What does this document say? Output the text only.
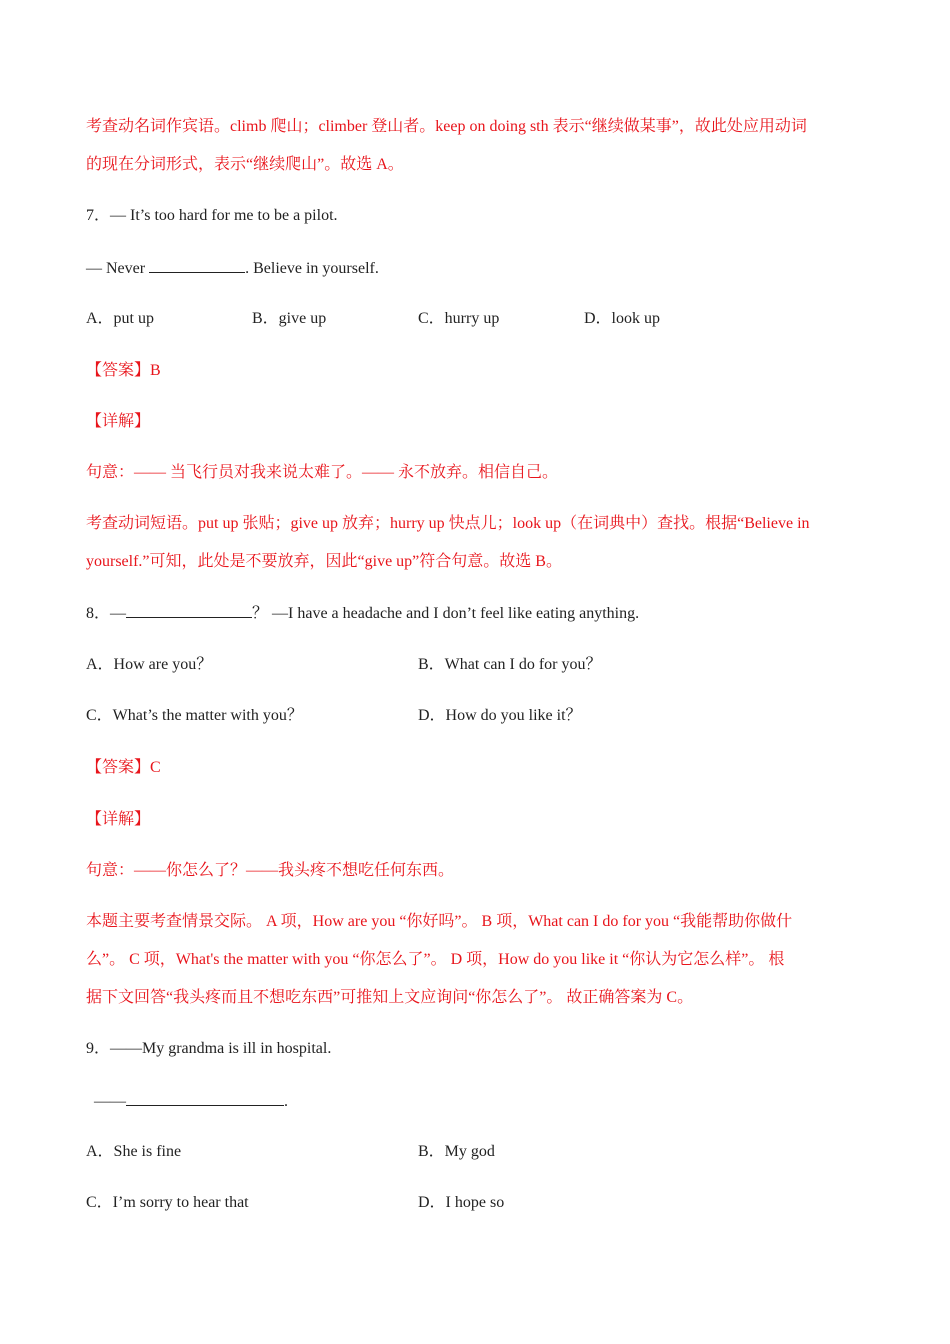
考查动名词作宾语。climb 爬山；climber 登山者。keep on doing sth 表示“继续做某事”，故此处应用动词
的现在分词形式，表示“继续爬山”。故选 A。
7．— It’s too hard for me to be a pilot.
— Never	. Believe in yourself.
A．put up	B．give up	C．hurry up	D．look up
【答案】B
【详解】
句意：—— 当飞行员对我来说太难了。—— 永不放弃。相信自己。
考查动词短语。put up 张贴；give up 放弃；hurry up 快点儿；look up（在词典中）查找。根据“Believe in
yourself.”可知，此处是不要放弃，因此“give up”符合句意。故选 B。
8．—	？ —I have a headache and I don’t feel like eating anything.
A．How are you？	B．What can I do for you？
C．What’s the matter with you？	D．How do you like it？
【答案】C
【详解】
句意：——你怎么了？——我头疼不想吃任何东西。
本题主要考查情景交际。 A 项，How are you “你好吗”。 B 项，What can I do for you “我能帮助你做什
么”。 C 项，What's the matter with you “你怎么了”。 D 项，How do you like it “你认为它怎么样”。 根
据下文回答“我头疼而且不想吃东西”可推知上文应询问“你怎么了”。 故正确答案为 C。
9．——My grandma is ill in hospital.
——	.
A．She is fine	B．My god
C．I’m sorry to hear that	D．I hope so
